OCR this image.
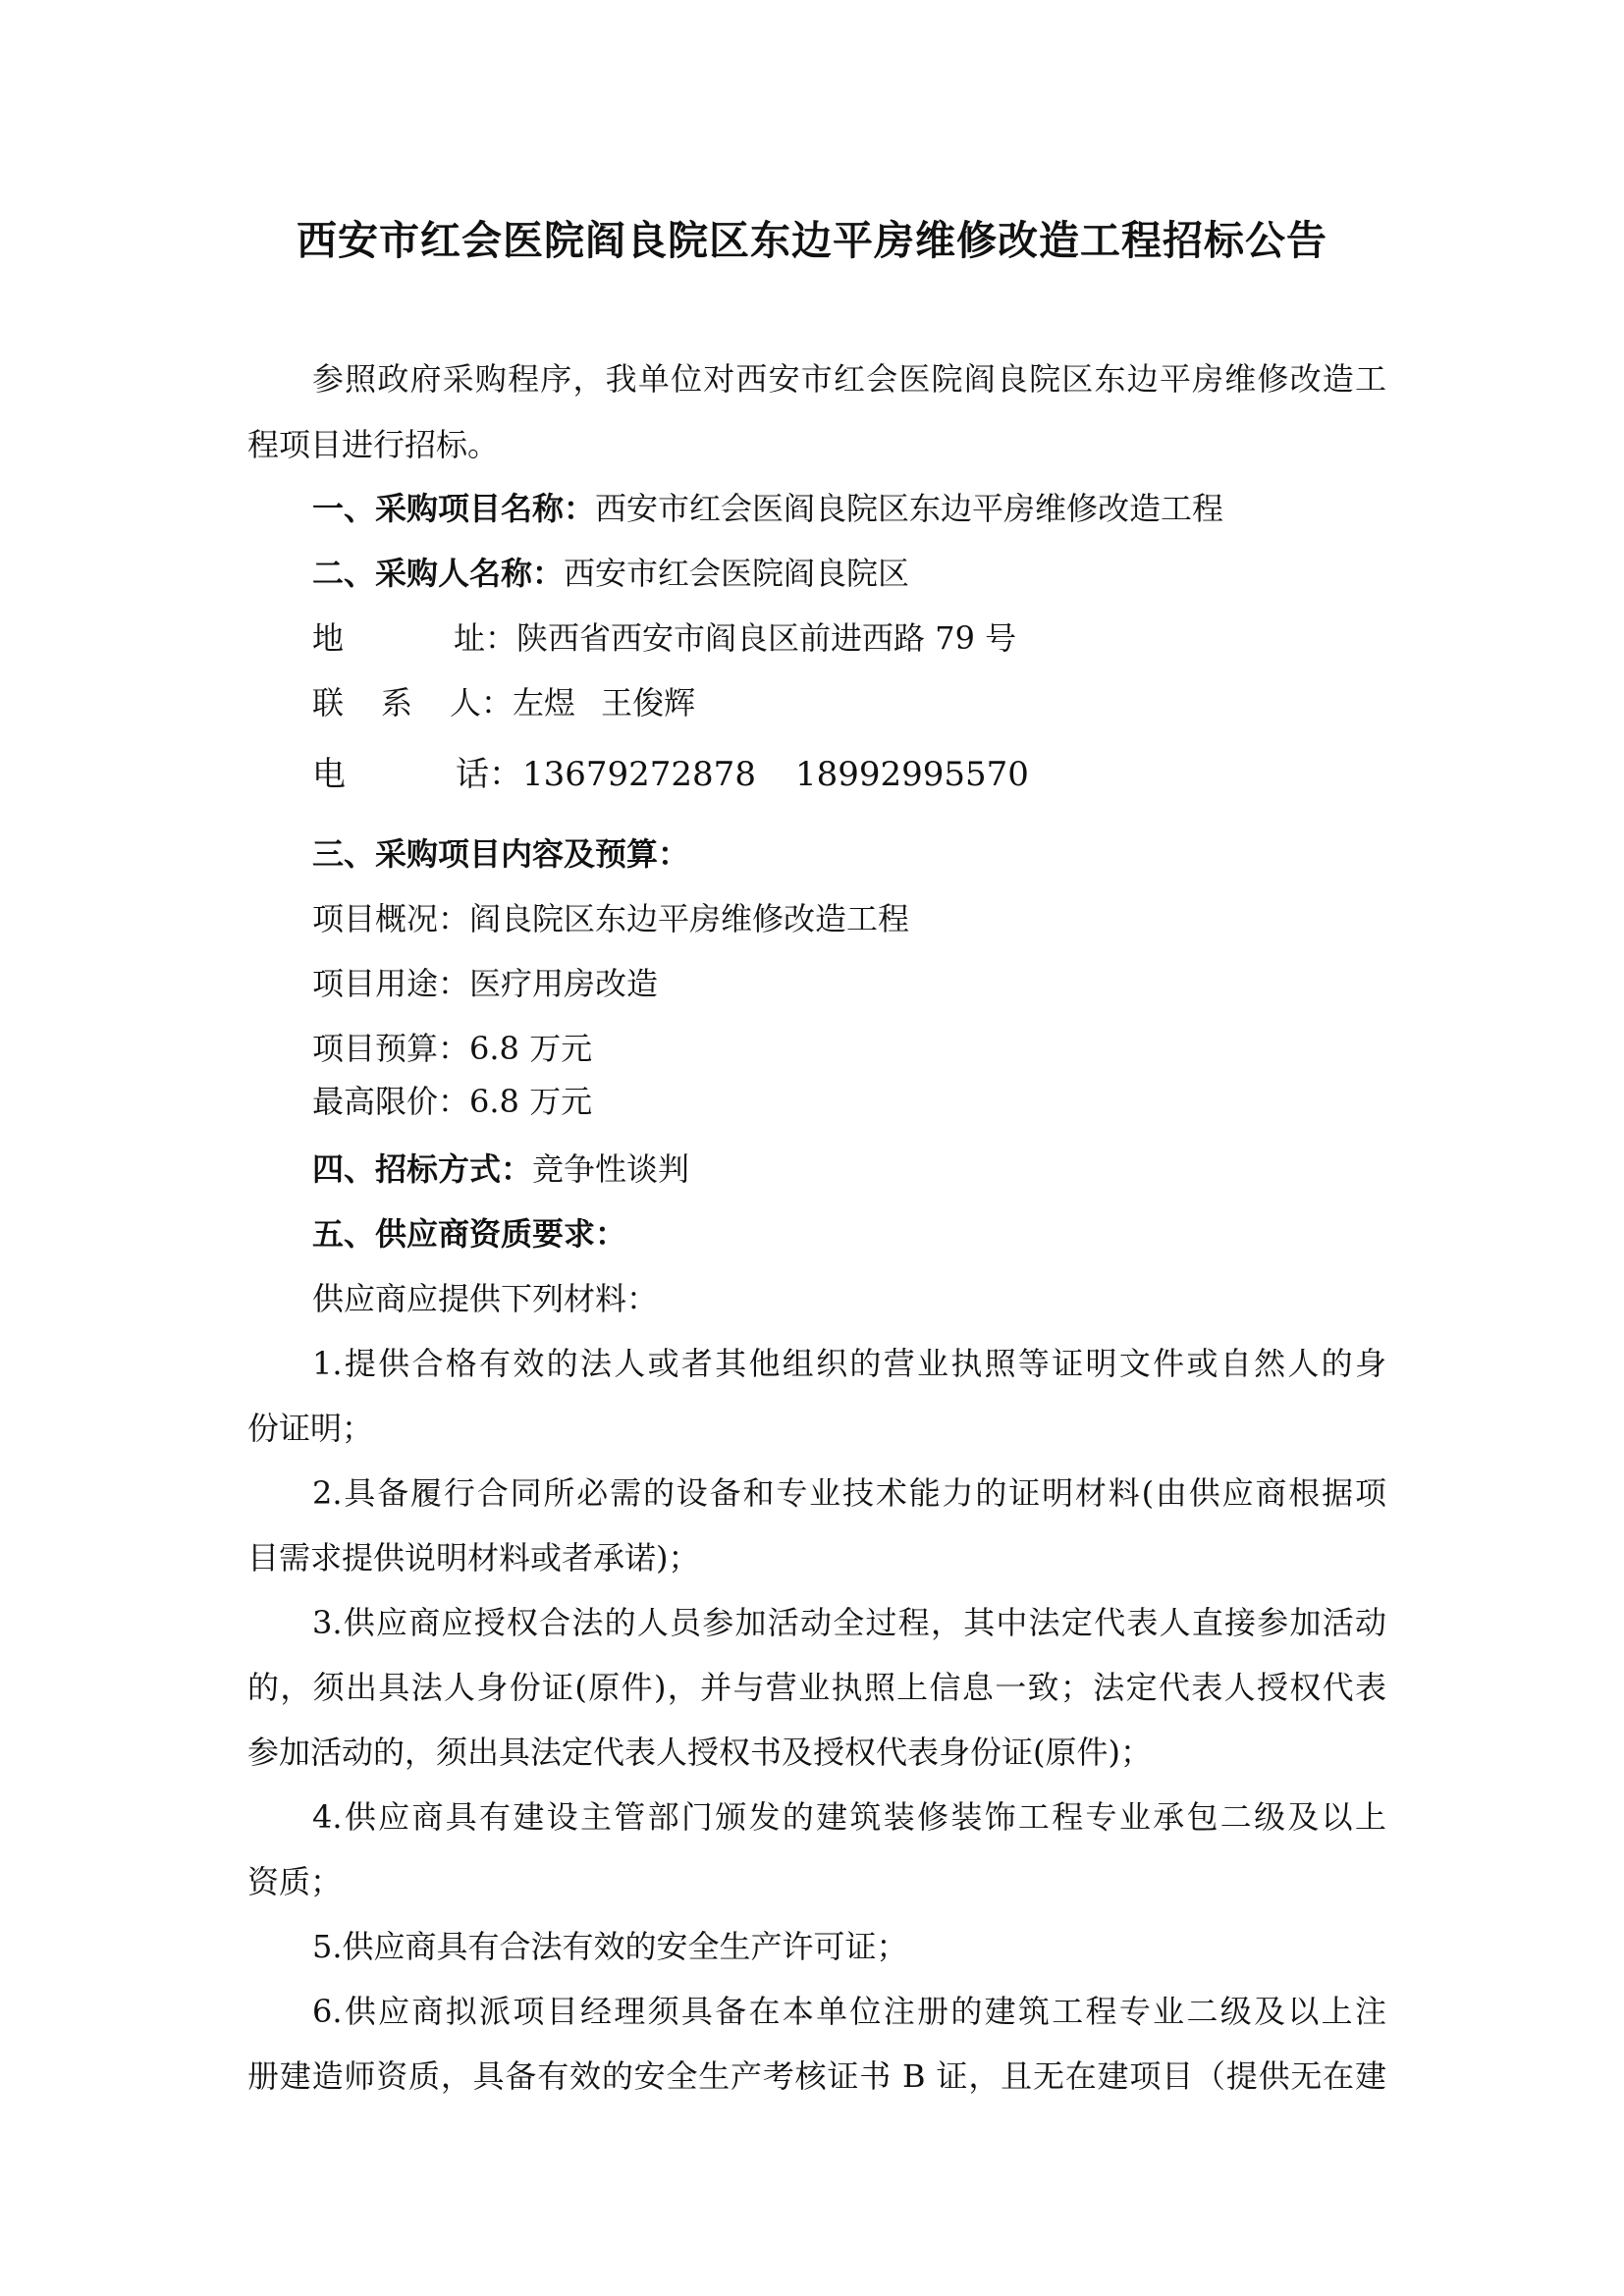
西安市红会医院阎良院区东边平房维修改造工程招标公告
参照政府采购程序，我单位对西安市红会医院阎良院区东边平房维修改造工
程项目进行招标。
一、采购项目名称：西安市红会医阎良院区东边平房维修改造工程
二、采购人名称：西安市红会医院阎良院区
地	址：陕西省西安市阎良区前进西路 79 号
联 系 人：左煜 王俊辉
电	话：13679272878 18992995570
三、采购项目内容及预算：
项目概况：阎良院区东边平房维修改造工程
项目用途：医疗用房改造
项目预算：6.8 万元
最高限价：6.8 万元
四、招标方式：竞争性谈判
五、供应商资质要求：
供应商应提供下列材料：
1.提供合格有效的法人或者其他组织的营业执照等证明文件或自然人的身
份证明；
2.具备履行合同所必需的设备和专业技术能力的证明材料(由供应商根据项
目需求提供说明材料或者承诺)；
3.供应商应授权合法的人员参加活动全过程，其中法定代表人直接参加活动
的，须出具法人身份证(原件)，并与营业执照上信息一致；法定代表人授权代表
参加活动的，须出具法定代表人授权书及授权代表身份证(原件)；
4.供应商具有建设主管部门颁发的建筑装修装饰工程专业承包二级及以上
资质；
5.供应商具有合法有效的安全生产许可证；
6.供应商拟派项目经理须具备在本单位注册的建筑工程专业二级及以上注
册建造师资质，具备有效的安全生产考核证书 B 证，且无在建项目（提供无在建
